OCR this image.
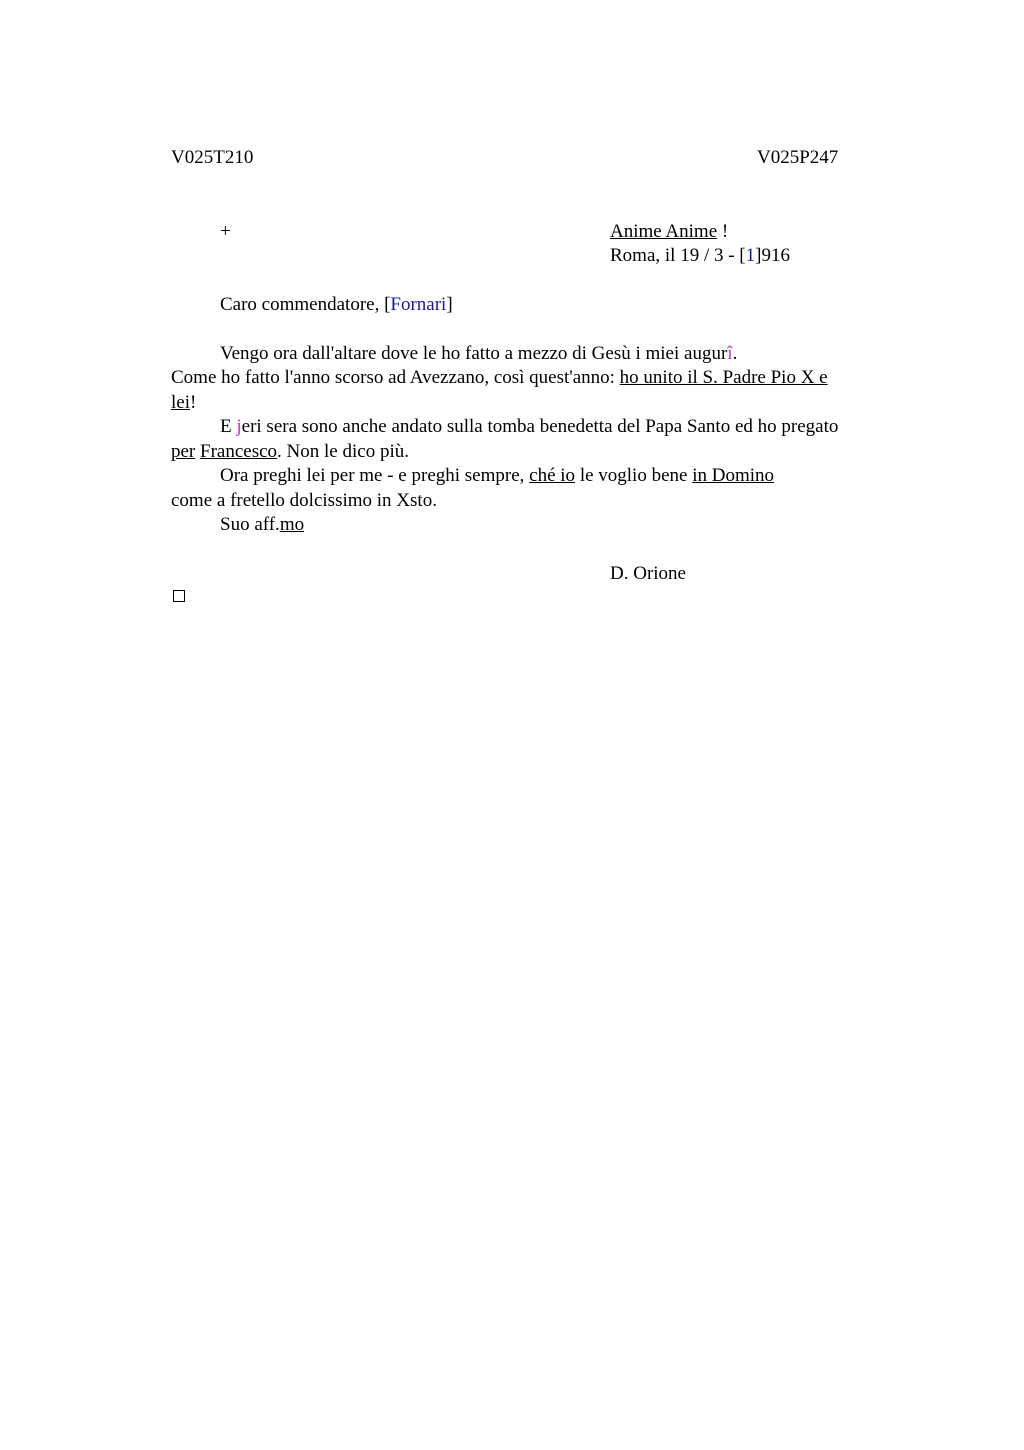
V025T210	V025P247
+	Anime Anime !
Roma, il 19 / 3 - [1]916
Caro commendatore, [Fornari]
Vengo ora dall'altare dove le ho fatto a mezzo di Gesù i miei augurî.
Come ho fatto l'anno scorso ad Avezzano, così quest'anno: ho unito il S. Padre Pio X e
lei!
E jeri sera sono anche andato sulla tomba benedetta del Papa Santo ed ho pregato
per Francesco. Non le dico più.
Ora preghi lei per me - e preghi sempre, ché io le voglio bene in Domino
come a fretello dolcissimo in Xsto.
Suo aff.mo
D. Orione
